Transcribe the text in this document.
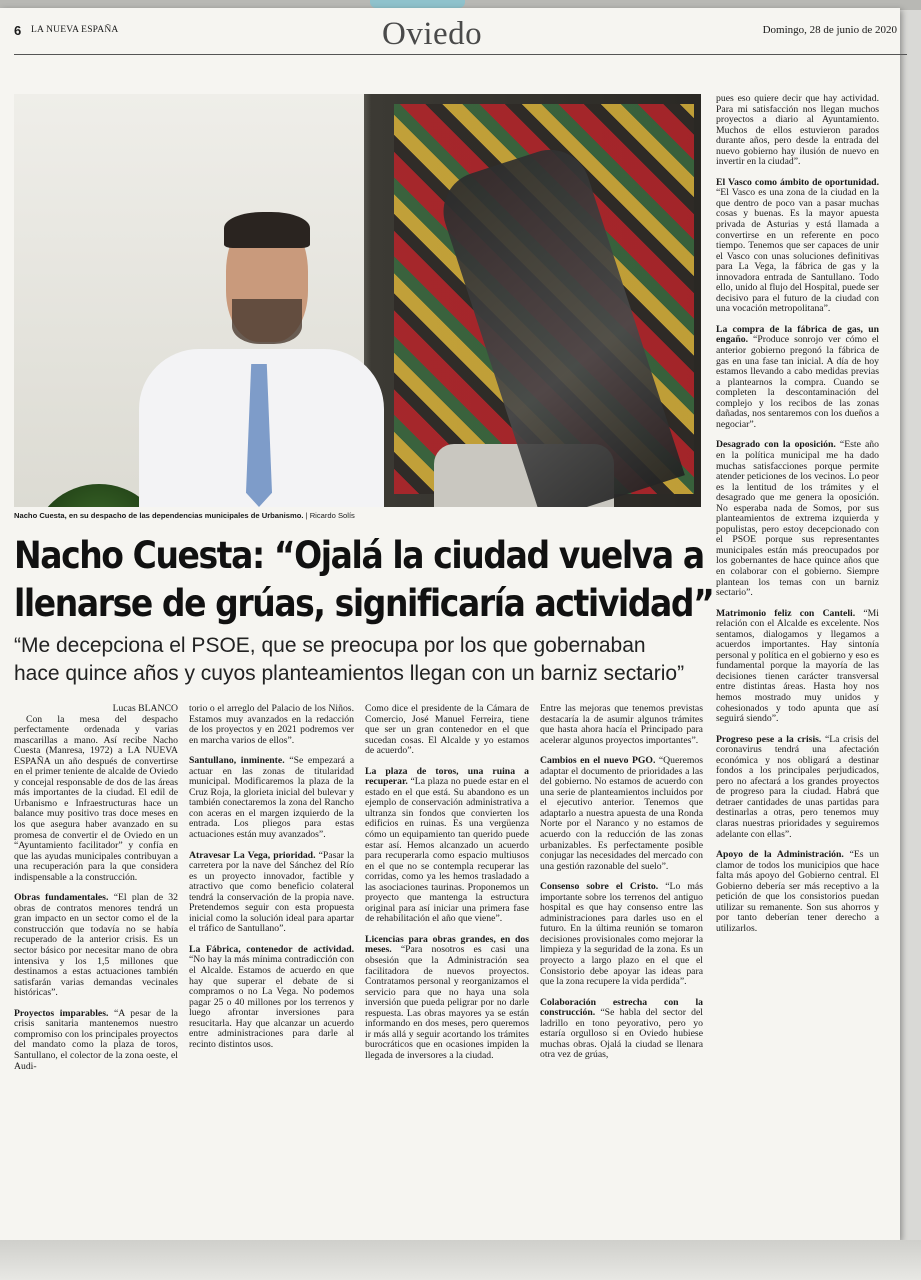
6 LA NUEVA ESPAÑA	Oviedo	Domingo, 28 de junio de 2020
Nacho Cuesta, en su despacho de las dependencias municipales de Urbanismo. | Ricardo Solís
Nacho Cuesta: “Ojalá la ciudad vuelva a
llenarse de grúas, significaría actividad”
“Me decepciona el PSOE, que se preocupa por los que gobernaban
hace quince años y cuyos planteamientos llegan con un barniz sectario”

Lucas BLANCO

Con la mesa del despacho perfectamente ordenada y varias mascarillas a mano. Así recibe Nacho Cuesta (Manresa, 1972) a LA NUEVA ESPAÑA un año después de convertirse en el primer teniente de alcalde de Oviedo y concejal responsable de dos de las áreas más importantes de la ciudad. El edil de Urbanismo e Infraestructuras hace un balance muy positivo tras doce meses en los que asegura haber avanzado en su promesa de convertir el de Oviedo en un “Ayuntamiento facilitador” y confía en que las ayudas municipales contribuyan a una recuperación para la que considera indispensable a la construcción.

Obras fundamentales. “El plan de 32 obras de contratos menores tendrá un gran impacto en un sector como el de la construcción que todavía no se había recuperado de la anterior crisis. Es un sector básico por necesitar mano de obra intensiva y los 1,5 millones que destinamos a estas actuaciones también satisfarán varias demandas vecinales históricas”.

Proyectos imparables. “A pesar de la crisis sanitaria mantenemos nuestro compromiso con los principales proyectos del mandato como la plaza de toros, Santullano, el colector de la zona oeste, el Audi-

torio o el arreglo del Palacio de los Niños. Estamos muy avanzados en la redacción de los proyectos y en 2021 podremos ver en marcha varios de ellos”.

Santullano, inminente. “Se empezará a actuar en las zonas de titularidad municipal. Modificaremos la plaza de la Cruz Roja, la glorieta inicial del bulevar y también conectaremos la zona del Rancho con aceras en el margen izquierdo de la entrada. Los pliegos para estas actuaciones están muy avanzados”.

Atravesar La Vega, prioridad. “Pasar la carretera por la nave del Sánchez del Río es un proyecto innovador, factible y atractivo que como beneficio colateral tendrá la conservación de la propia nave. Pretendemos seguir con esta propuesta inicial como la solución ideal para apartar el tráfico de Santullano”.

La Fábrica, contenedor de actividad. “No hay la más mínima contradicción con el Alcalde. Estamos de acuerdo en que hay que superar el debate de si compramos o no La Vega. No podemos pagar 25 o 40 millones por los terrenos y luego afrontar inversiones para resucitarla. Hay que alcanzar un acuerdo entre administraciones para darle al recinto distintos usos.

Como dice el presidente de la Cámara de Comercio, José Manuel Ferreira, tiene que ser un gran contenedor en el que sucedan cosas. El Alcalde y yo estamos de acuerdo”.

La plaza de toros, una ruina a recuperar. “La plaza no puede estar en el estado en el que está. Su abandono es un ejemplo de conservación administrativa a ultranza sin fondos que convierten los edificios en ruinas. Es una vergüenza cómo un equipamiento tan querido puede estar así. Hemos alcanzado un acuerdo para recuperarla como espacio multiusos en el que no se contempla recuperar las corridas, como ya les hemos trasladado a las asociaciones taurinas. Proponemos un proyecto que mantenga la estructura original para así iniciar una primera fase de rehabilitación el año que viene”.

Licencias para obras grandes, en dos meses. “Para nosotros es casi una obsesión que la Administración sea facilitadora de nuevos proyectos. Contratamos personal y reorganizamos el servicio para que no haya una sola inversión que pueda peligrar por no darle respuesta. Las obras mayores ya se están informando en dos meses, pero queremos ir más allá y seguir acortando los trámites burocráticos que en ocasiones impiden la llegada de inversores a la ciudad.

Entre las mejoras que tenemos previstas destacaría la de asumir algunos trámites que hasta ahora hacía el Principado para acelerar algunos proyectos importantes”.

Cambios en el nuevo PGO. “Queremos adaptar el documento de prioridades a las del gobierno. No estamos de acuerdo con una serie de planteamientos incluidos por el ejecutivo anterior. Tenemos que adaptarlo a nuestra apuesta de una Ronda Norte por el Naranco y no estamos de acuerdo con la reducción de las zonas urbanizables. Es perfectamente posible conjugar las necesidades del mercado con una gestión razonable del suelo”.

Consenso sobre el Cristo. “Lo más importante sobre los terrenos del antiguo hospital es que hay consenso entre las administraciones para darles uso en el futuro. En la última reunión se tomaron decisiones provisionales como mejorar la limpieza y la seguridad de la zona. Es un proyecto a largo plazo en el que el Consistorio debe apoyar las ideas para que la zona recupere la vida perdida”.

Colaboración estrecha con la construcción. “Se habla del sector del ladrillo en tono peyorativo, pero yo estaría orgulloso si en Oviedo hubiese muchas obras. Ojalá la ciudad se llenara otra vez de grúas,

pues eso quiere decir que hay actividad. Para mi satisfacción nos llegan muchos proyectos a diario al Ayuntamiento. Muchos de ellos estuvieron parados durante años, pero desde la entrada del nuevo gobierno hay ilusión de nuevo en invertir en la ciudad”.

El Vasco como ámbito de oportunidad. “El Vasco es una zona de la ciudad en la que dentro de poco van a pasar muchas cosas y buenas. Es la mayor apuesta privada de Asturias y está llamada a convertirse en un referente en poco tiempo. Tenemos que ser capaces de unir el Vasco con unas soluciones definitivas para La Vega, la fábrica de gas y la innovadora entrada de Santullano. Todo ello, unido al flujo del Hospital, puede ser decisivo para el futuro de la ciudad con una vocación metropolitana”.

La compra de la fábrica de gas, un engaño. “Produce sonrojo ver cómo el anterior gobierno pregonó la fábrica de gas en una fase tan inicial. A día de hoy estamos llevando a cabo medidas previas a plantearnos la compra. Cuando se completen la descontaminación del complejo y los recibos de las zonas dañadas, nos sentaremos con los dueños a negociar”.

Desagrado con la oposición. “Este año en la política municipal me ha dado muchas satisfacciones porque permite atender peticiones de los vecinos. Lo peor es la lentitud de los trámites y el desagrado que me genera la oposición. No esperaba nada de Somos, por sus planteamientos de extrema izquierda y populistas, pero estoy decepcionado con el PSOE porque sus representantes municipales están más preocupados por los gobernantes de hace quince años que en colaborar con el gobierno. Siempre plantean los temas con un barniz sectario”.

Matrimonio feliz con Canteli. “Mi relación con el Alcalde es excelente. Nos sentamos, dialogamos y llegamos a acuerdos importantes. Hay sintonía personal y política en el gobierno y eso es fundamental porque la mayoría de las decisiones tienen carácter transversal entre distintas áreas. Hasta hoy nos hemos mostrado muy unidos y cohesionados y todo apunta que así seguirá siendo”.

Progreso pese a la crisis. “La crisis del coronavirus tendrá una afectación económica y nos obligará a destinar fondos a los principales perjudicados, pero no afectará a los grandes proyectos de progreso para la ciudad. Habrá que detraer cantidades de unas partidas para destinarlas a otras, pero tenemos muy claras nuestras prioridades y seguiremos adelante con ellas”.

Apoyo de la Administración. “Es un clamor de todos los municipios que hace falta más apoyo del Gobierno central. El Gobierno debería ser más receptivo a la petición de que los consistorios puedan utilizar su remanente. Son sus ahorros y por tanto deberían tener derecho a utilizarlos.
